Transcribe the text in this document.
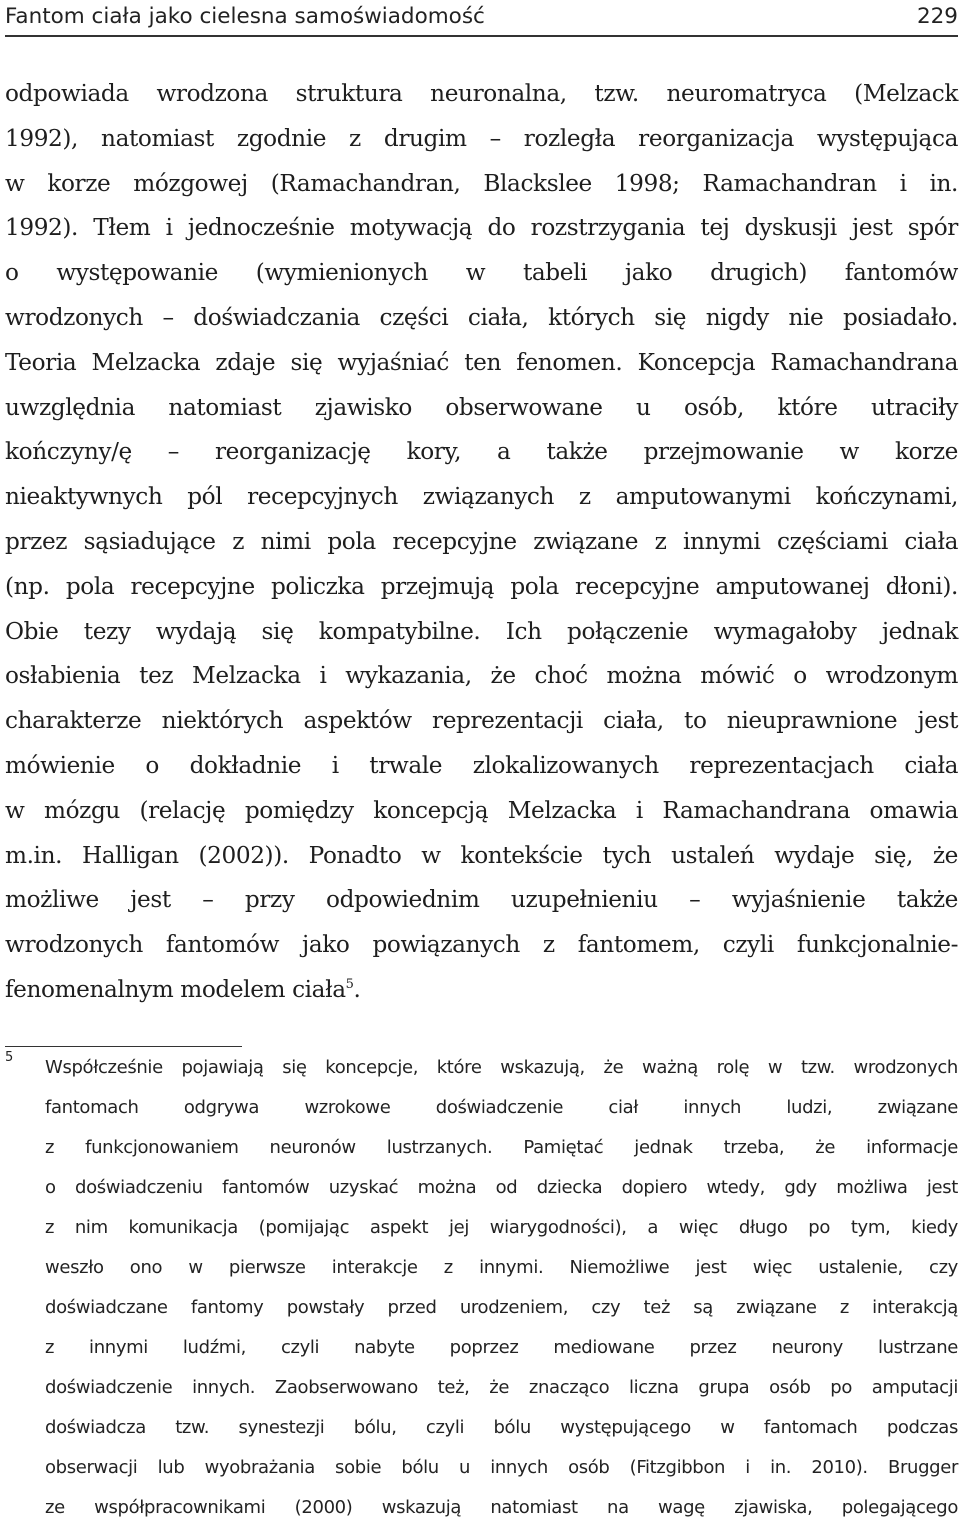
Fantom ciała jako cielesna samoświadomość	229
odpowiada wrodzona struktura neuronalna, tzw. neuromatryca (Melzack
1992), natomiast zgodnie z drugim – rozległa reorganizacja występująca
w korze mózgowej (Ramachandran, Blackslee 1998; Ramachandran i in.
1992). Tłem i jednocześnie motywacją do rozstrzygania tej dyskusji jest spór
o występowanie (wymienionych w tabeli jako drugich) fantomów
wrodzonych – doświadczania części ciała, których się nigdy nie posiadało.
Teoria Melzacka zdaje się wyjaśniać ten fenomen. Koncepcja Ramachandrana
uwzględnia natomiast zjawisko obserwowane u osób, które utraciły
kończyny/ę – reorganizację kory, a także przejmowanie w korze
nieaktywnych pól recepcyjnych związanych z amputowanymi kończynami,
przez sąsiadujące z nimi pola recepcyjne związane z innymi częściami ciała
(np. pola recepcyjne policzka przejmują pola recepcyjne amputowanej dłoni).
Obie tezy wydają się kompatybilne. Ich połączenie wymagałoby jednak
osłabienia tez Melzacka i wykazania, że choć można mówić o wrodzonym
charakterze niektórych aspektów reprezentacji ciała, to nieuprawnione jest
mówienie o dokładnie i trwale zlokalizowanych reprezentacjach ciała
w mózgu (relację pomiędzy koncepcją Melzacka i Ramachandrana omawia
m.in. Halligan (2002)). Ponadto w kontekście tych ustaleń wydaje się, że
możliwe jest – przy odpowiednim uzupełnieniu – wyjaśnienie także
wrodzonych fantomów jako powiązanych z fantomem, czyli funkcjonalnie-
fenomenalnym modelem ciała$^5$.
5 Współcześnie pojawiają się koncepcje, które wskazują, że ważną rolę w tzw. wrodzonych
fantomach odgrywa wzrokowe doświadczenie ciał innych ludzi, związane
z funkcjonowaniem neuronów lustrzanych. Pamiętać jednak trzeba, że informacje
o doświadczeniu fantomów uzyskać można od dziecka dopiero wtedy, gdy możliwa jest
z nim komunikacja (pomijając aspekt jej wiarygodności), a więc długo po tym, kiedy
weszło ono w pierwsze interakcje z innymi. Niemożliwe jest więc ustalenie, czy
doświadczane fantomy powstały przed urodzeniem, czy też są związane z interakcją
z innymi ludźmi, czyli nabyte poprzez mediowane przez neurony lustrzane
doświadczenie innych. Zaobserwowano też, że znacząco liczna grupa osób po amputacji
doświadcza tzw. synestezji bólu, czyli bólu występującego w fantomach podczas
obserwacji lub wyobrażania sobie bólu u innych osób (Fitzgibbon i in. 2010). Brugger
ze współpracownikami (2000) wskazują natomiast na wagę zjawiska, polegającego
